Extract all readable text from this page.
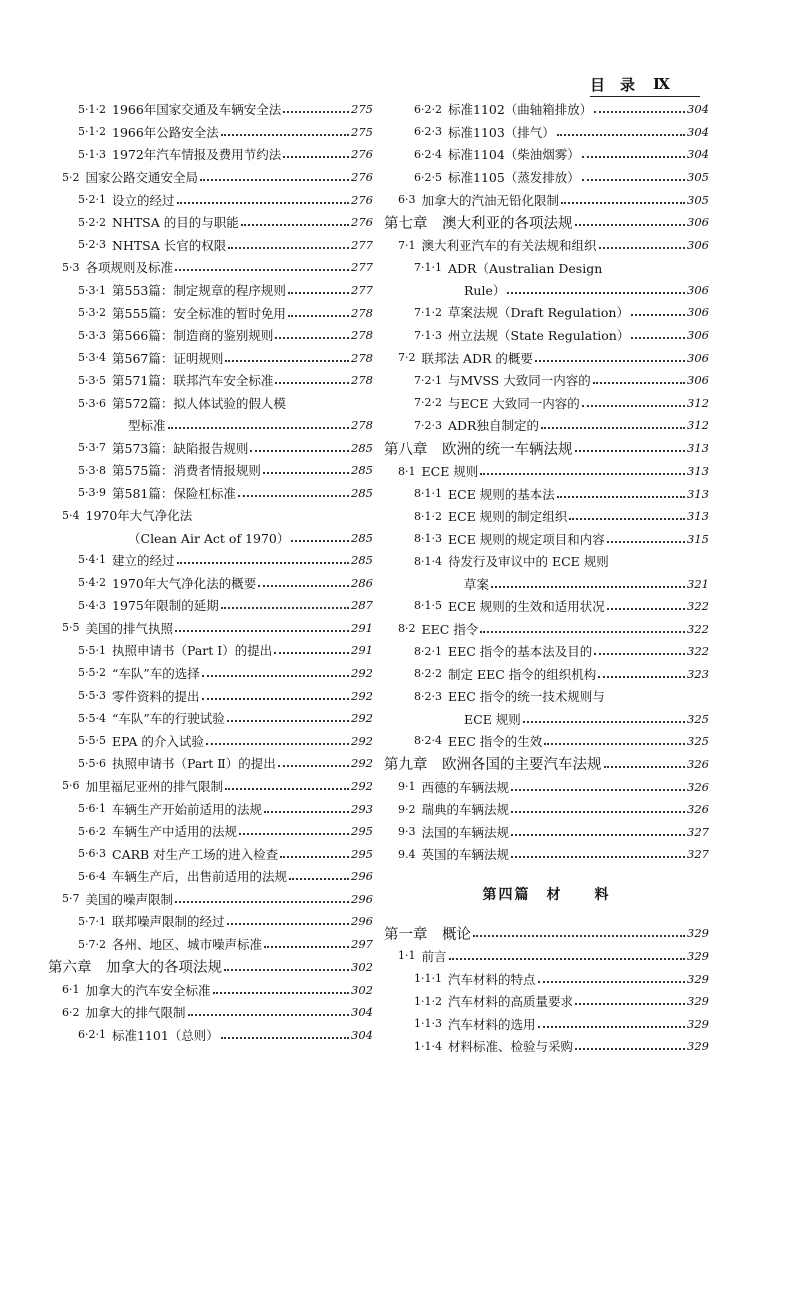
目　录 Ⅸ
5·1·2 1966年国家交通及车辆安全法	275
5·1·2 1966年公路安全法	275
5·1·3 1972年汽车情报及费用节约法	276
5·2 国家公路交通安全局	276
5·2·1 设立的经过	276
5·2·2 NHTSA 的目的与职能	276
5·2·3 NHTSA 长官的权限	277
5·3 各项规则及标准	277
5·3·1 第553篇：制定规章的程序规则	277
5·3·2 第555篇：安全标准的暂时免用	278
5·3·3 第566篇：制造商的鉴别规则	278
5·3·4 第567篇：证明规则	278
5·3·5 第571篇：联邦汽车安全标准	278
5·3·6 第572篇：拟人体试验的假人模
型标准	278
5·3·7 第573篇：缺陷报告规则	285
5·3·8 第575篇：消费者情报规则	285
5·3·9 第581篇：保险杠标准	285
5·4 1970年大气净化法
（Clean Air Act of 1970）	285
5·4·1 建立的经过	285
5·4·2 1970年大气净化法的概要	286
5·4·3 1975年限制的延期	287
5·5 美国的排气执照	291
5·5·1 执照申请书（Part Ⅰ）的提出	291
5·5·2 “车队”车的选择	292
5·5·3 零件资料的提出	292
5·5·4 “车队”车的行驶试验	292
5·5·5 EPA 的介入试验	292
5·5·6 执照申请书（Part Ⅱ）的提出	292
5·6 加里福尼亚州的排气限制	292
5·6·1 车辆生产开始前适用的法规	293
5·6·2 车辆生产中适用的法规	295
5·6·3 CARB 对生产工场的进入检查	295
5·6·4 车辆生产后，出售前适用的法规	296
5·7 美国的噪声限制	296
5·7·1 联邦噪声限制的经过	296
5·7·2 各州、地区、城市噪声标准	297
第六章　加拿大的各项法规	302
6·1 加拿大的汽车安全标准	302
6·2 加拿大的排气限制	304
6·2·1 标准1101（总则）	304
6·2·2 标准1102（曲轴箱排放）	304
6·2·3 标准1103（排气）	304
6·2·4 标准1104（柴油烟雾）	304
6·2·5 标准1105（蒸发排放）	305
6·3 加拿大的汽油无铅化限制	305
第七章　澳大利亚的各项法规	306
7·1 澳大利亚汽车的有关法规和组织	306
7·1·1 ADR（Australian Design
Rule）	306
7·1·2 草案法规（Draft Regulation）	306
7·1·3 州立法规（State Regulation）	306
7·2 联邦法 ADR 的概要	306
7·2·1 与MVSS 大致同一内容的	306
7·2·2 与ECE 大致同一内容的	312
7·2·3 ADR独自制定的	312
第八章　欧洲的统一车辆法规	313
8·1 ECE 规则	313
8·1·1 ECE 规则的基本法	313
8·1·2 ECE 规则的制定组织	313
8·1·3 ECE 规则的规定项目和内容	315
8·1·4 待发行及审议中的 ECE 规则
草案	321
8·1·5 ECE 规则的生效和适用状况	322
8·2 EEC 指令	322
8·2·1 EEC 指令的基本法及目的	322
8·2·2 制定 EEC 指令的组织机构	323
8·2·3 EEC 指令的统一技术规则与
ECE 规则	325
8·2·4 EEC 指令的生效	325
第九章　欧洲各国的主要汽车法规	326
9·1 西德的车辆法规	326
9·2 瑞典的车辆法规	326
9·3 法国的车辆法规	327
9.4 英国的车辆法规	327
第四篇　材　　料
第一章　概论	329
1·1 前言	329
1·1·1 汽车材料的特点	329
1·1·2 汽车材料的高质量要求	329
1·1·3 汽车材料的选用	329
1·1·4 材料标准、检验与采购	329
